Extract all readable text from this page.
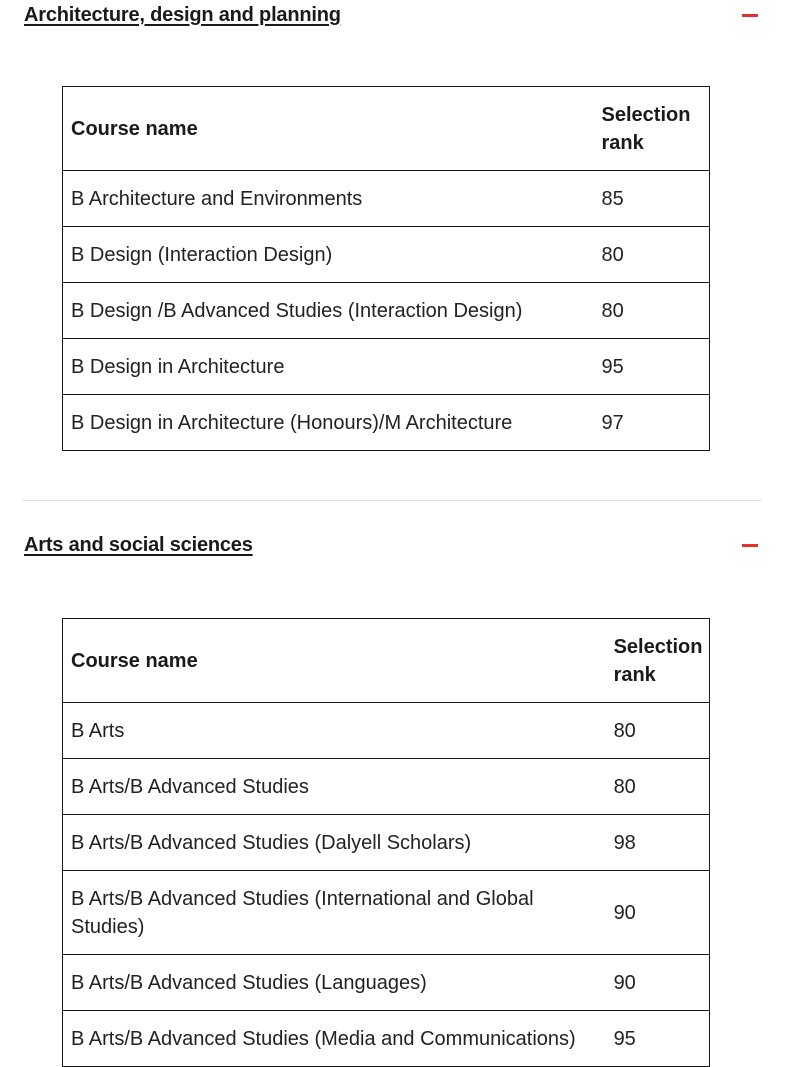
Architecture, design and planning
Course name	Selection rank
B Architecture and Environments	85
B Design (Interaction Design)	80
B Design /B Advanced Studies (Interaction Design)	80
B Design in Architecture	95
B Design in Architecture (Honours)/M Architecture	97
Arts and social sciences
Course name	Selection rank
B Arts	80
B Arts/B Advanced Studies	80
B Arts/B Advanced Studies (Dalyell Scholars)	98
B Arts/B Advanced Studies (International and Global Studies)	90
B Arts/B Advanced Studies (Languages)	90
B Arts/B Advanced Studies (Media and Communications)	95
